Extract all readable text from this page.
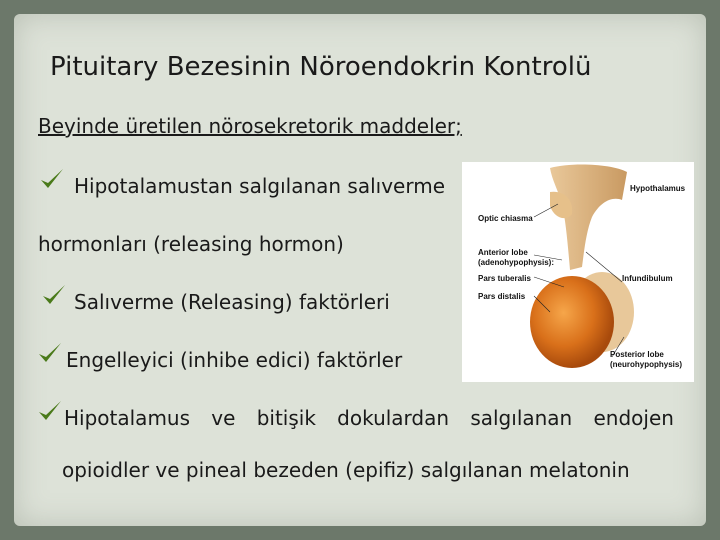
Pituitary Bezesinin Nöroendokrin Kontrolü
Beyinde üretilen nörosekretorik maddeler;
Hipotalamustan salgılanan salıverme
hormonları (releasing hormon)
Salıverme (Releasing) faktörleri
Engelleyici (inhibe edici) faktörler
Hipotalamus ve bitişik dokulardan salgılanan endojen
opioidler ve pineal bezeden (epifiz) salgılanan melatonin
Hypothalamus
Optic chiasma
Anterior lobe
(adenohypophysis):
Pars tuberalis	Infundibulum
Pars distalis
Posterior lobe
(neurohypophysis)
